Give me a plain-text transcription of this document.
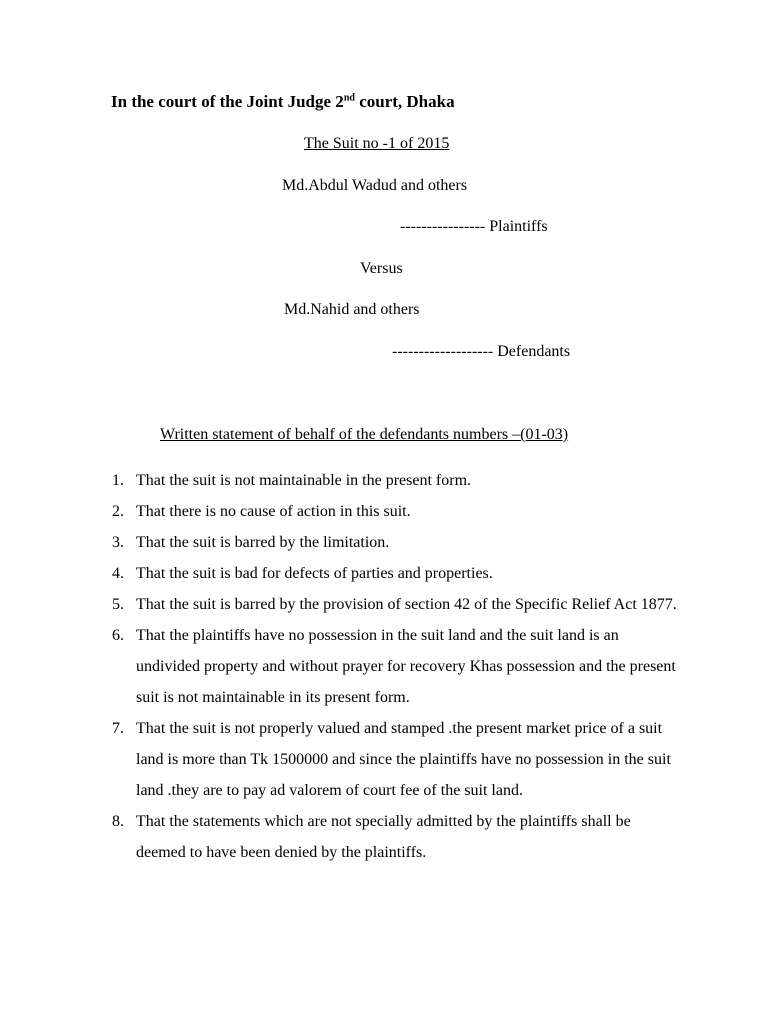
In the court of the Joint Judge 2nd court, Dhaka
The Suit no -1 of 2015
Md.Abdul Wadud and others
---------------- Plaintiffs
Versus
Md.Nahid and others
------------------- Defendants
Written statement of behalf of the defendants numbers –(01-03)
1. That the suit is not maintainable in the present form.
2. That there is no cause of action in this suit.
3. That the suit is barred by the limitation.
4. That the suit is bad for defects of parties and properties.
5. That the suit is barred by the provision of section 42 of the Specific Relief Act 1877.
6. That the plaintiffs have no possession in the suit land and the suit land is an undivided property and without prayer for recovery Khas possession and the present suit is not maintainable in its present form.
7. That the suit is not properly valued and stamped .the present market price of a suit land is more than Tk 1500000 and since the plaintiffs have no possession in the suit land .they are to pay ad valorem of court fee of the suit land.
8. That the statements which are not specially admitted by the plaintiffs shall be deemed to have been denied by the plaintiffs.
